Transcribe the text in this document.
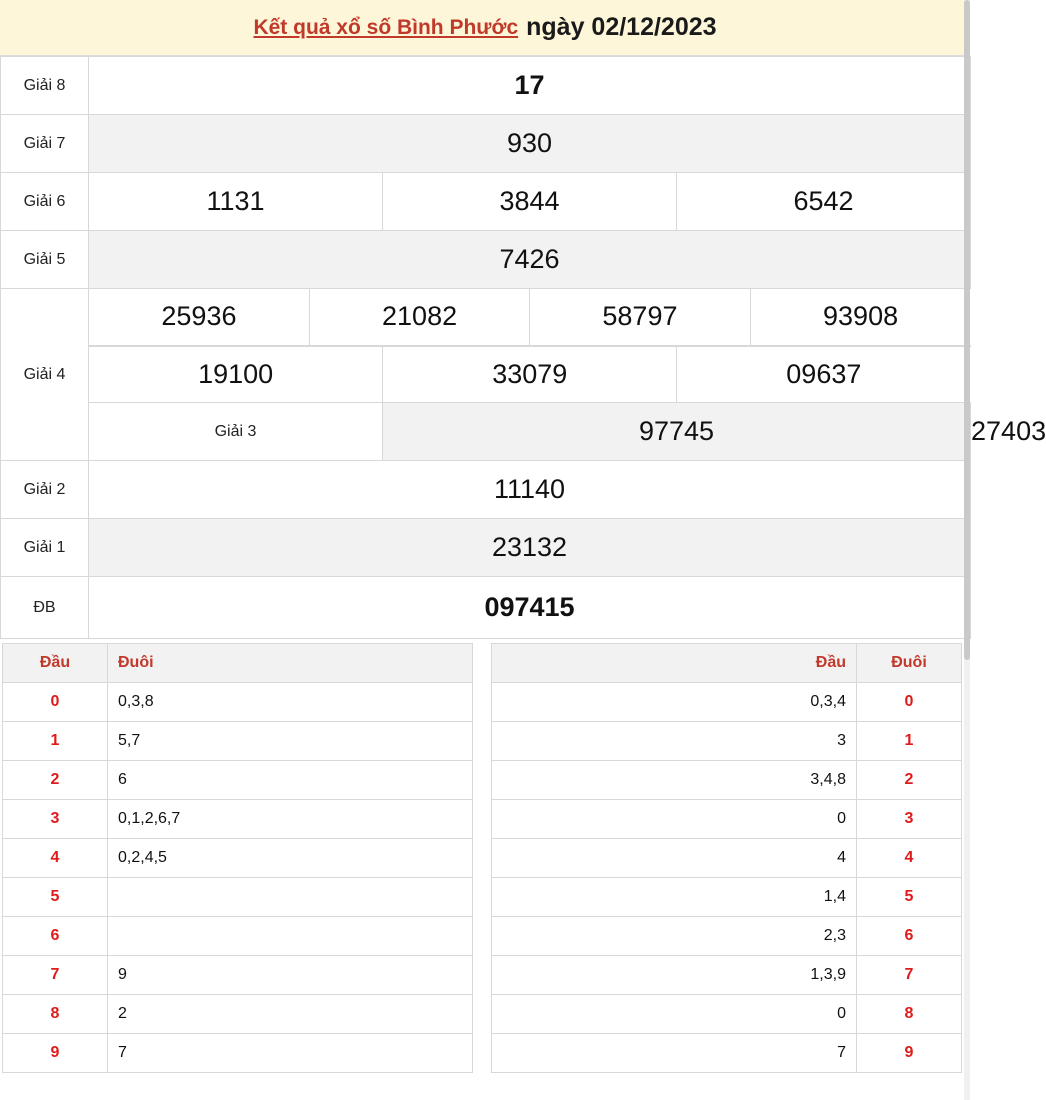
Kết quả xổ số Bình Phước ngày 02/12/2023
Giải 8	17
Giải 7	930
Giải 6	1131	3844	6542
Giải 5	7426
Giải 4	
25936	21082	58797	93908

19100	33079	09637

Giải 3	97745	27403
Giải 2	11140
Giải 1	23132
ĐB	097415
Đầu	Đuôi
0	0,3,8
1	5,7
2	6
3	0,1,2,6,7
4	0,2,4,5
5	
6	
7	9
8	2
9	7
Đầu	Đuôi
0,3,4	0
3	1
3,4,8	2
0	3
4	4
1,4	5
2,3	6
1,3,9	7
0	8
7	9
